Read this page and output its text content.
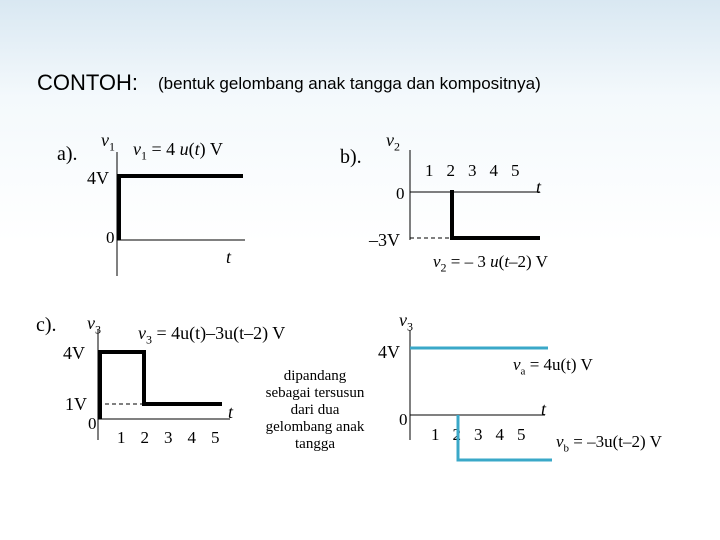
CONTOH: (bentuk gelombang anak tangga dan kompositnya)
a).
$v_1$
4V
0
t
$v_1 = 4$ u(t) V	b).
$v_2$
1 2 3 4 5
t
0
–3V
$v_2$ = – 3 u(t–2) V
c). $v_3$
4V
1V
0
t
1 2 3 4 5
$v_3 = 4u(t)-3u(t-2)$ V
dipandang
sebagai tersusun
dari dua
gelombang anak
tangga
$v_3$
4V
0
t
1 2 3 4 5
$v_a = 4u(t)$ V
$v_b = -3u(t-2)$ V
